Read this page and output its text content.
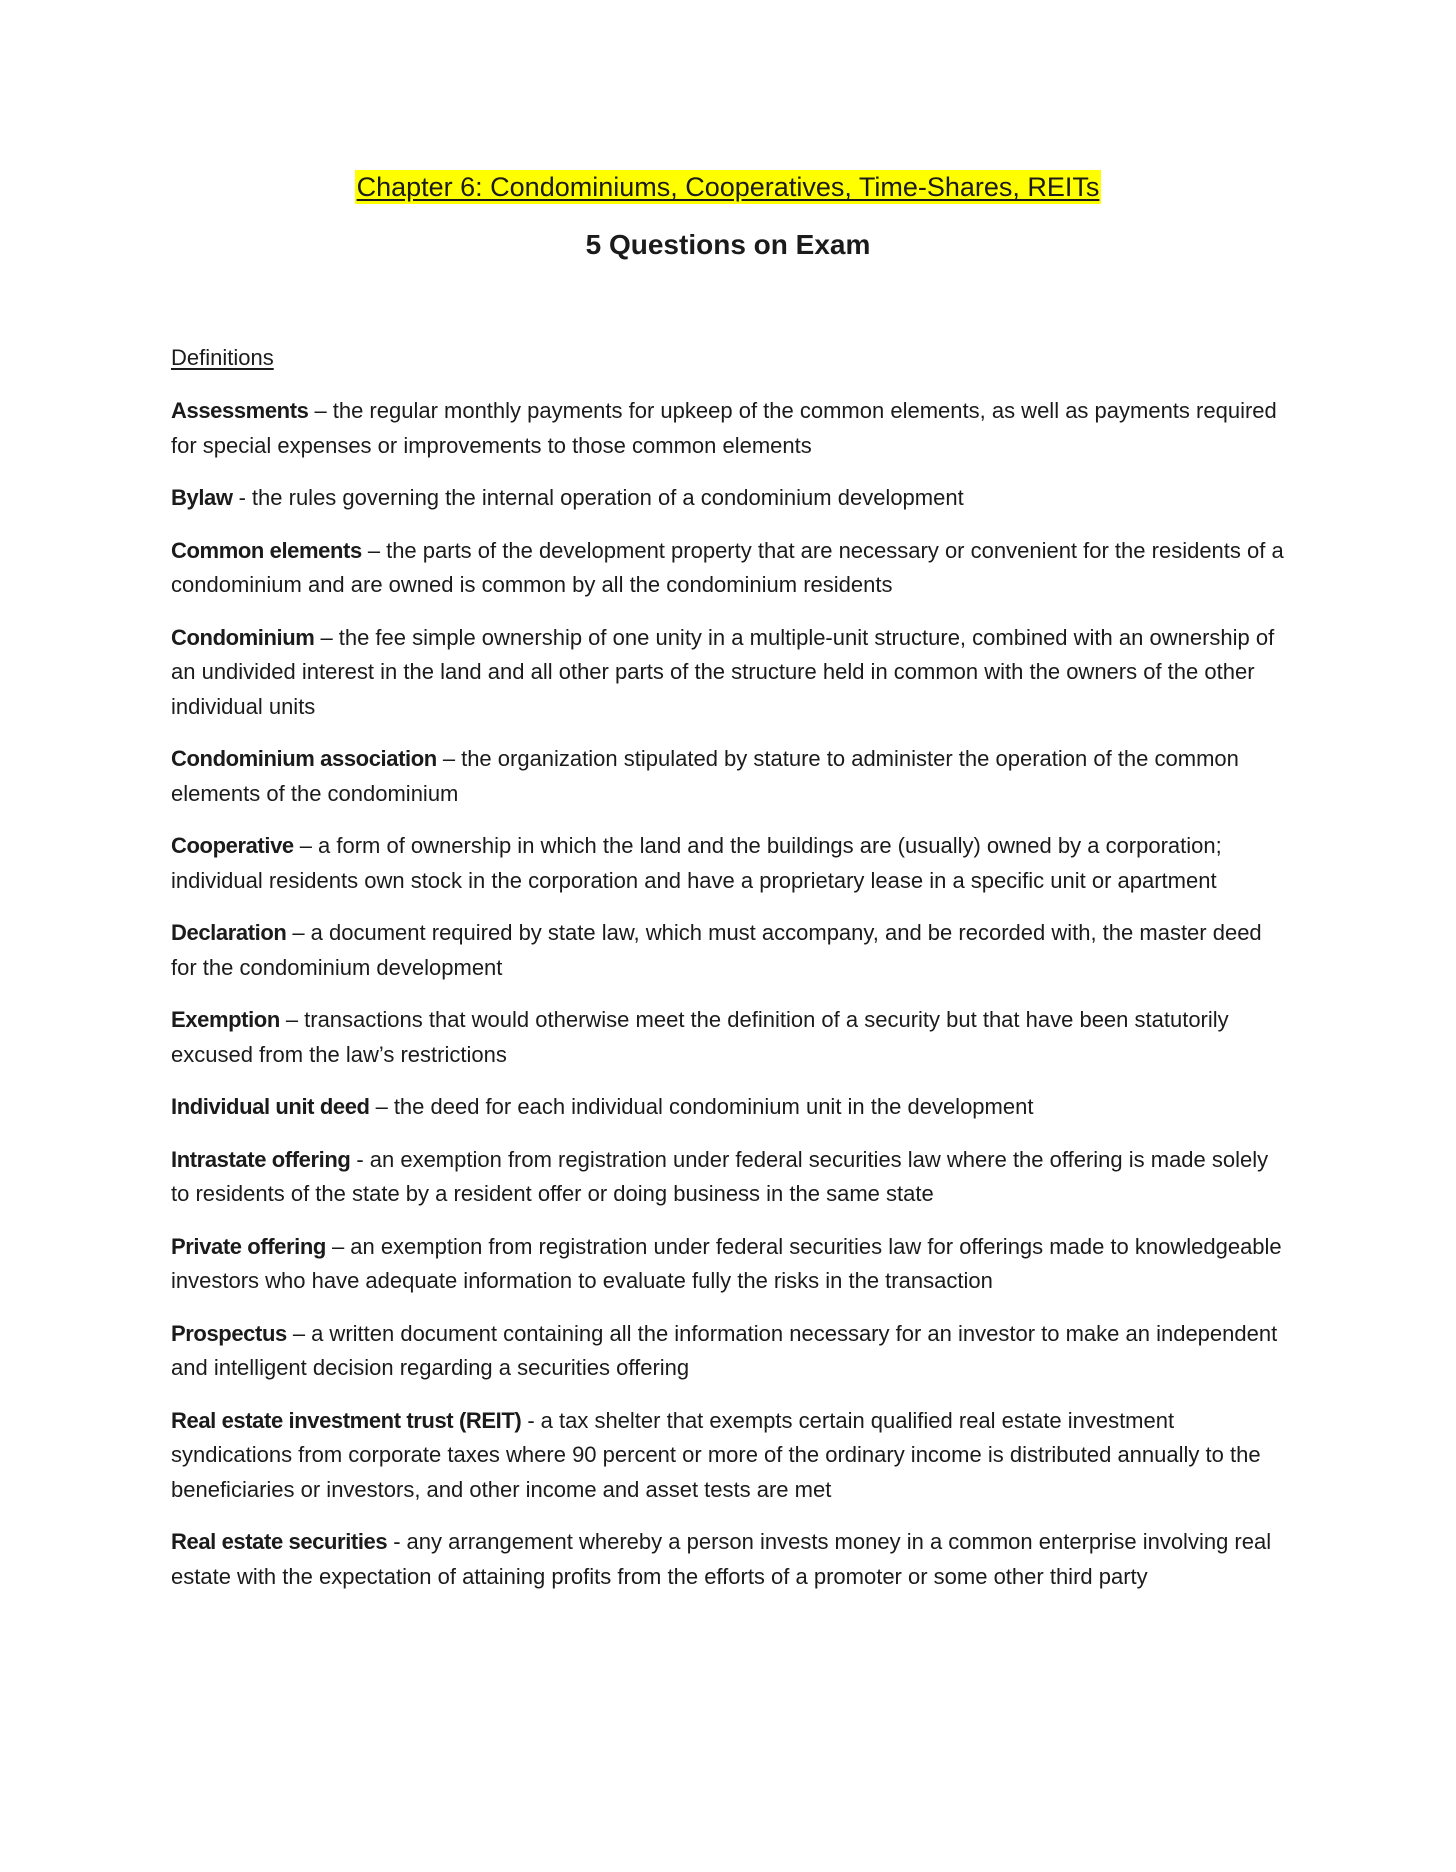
Chapter 6: Condominiums, Cooperatives, Time-Shares, REITs
5 Questions on Exam
Definitions

Assessments – the regular monthly payments for upkeep of the common elements, as well as payments required for special expenses or improvements to those common elements

Bylaw - the rules governing the internal operation of a condominium development

Common elements – the parts of the development property that are necessary or convenient for the residents of a condominium and are owned is common by all the condominium residents

Condominium – the fee simple ownership of one unity in a multiple-unit structure, combined with an ownership of an undivided interest in the land and all other parts of the structure held in common with the owners of the other individual units

Condominium association – the organization stipulated by stature to administer the operation of the common elements of the condominium

Cooperative – a form of ownership in which the land and the buildings are (usually) owned by a corporation; individual residents own stock in the corporation and have a proprietary lease in a specific unit or apartment

Declaration – a document required by state law, which must accompany, and be recorded with, the master deed for the condominium development

Exemption – transactions that would otherwise meet the definition of a security but that have been statutorily excused from the law’s restrictions

Individual unit deed – the deed for each individual condominium unit in the development

Intrastate offering - an exemption from registration under federal securities law where the offering is made solely to residents of the state by a resident offer or doing business in the same state

Private offering – an exemption from registration under federal securities law for offerings made to knowledgeable investors who have adequate information to evaluate fully the risks in the transaction

Prospectus – a written document containing all the information necessary for an investor to make an independent and intelligent decision regarding a securities offering

Real estate investment trust (REIT) - a tax shelter that exempts certain qualified real estate investment syndications from corporate taxes where 90 percent or more of the ordinary income is distributed annually to the beneficiaries or investors, and other income and asset tests are met

Real estate securities - any arrangement whereby a person invests money in a common enterprise involving real estate with the expectation of attaining profits from the efforts of a promoter or some other third party
